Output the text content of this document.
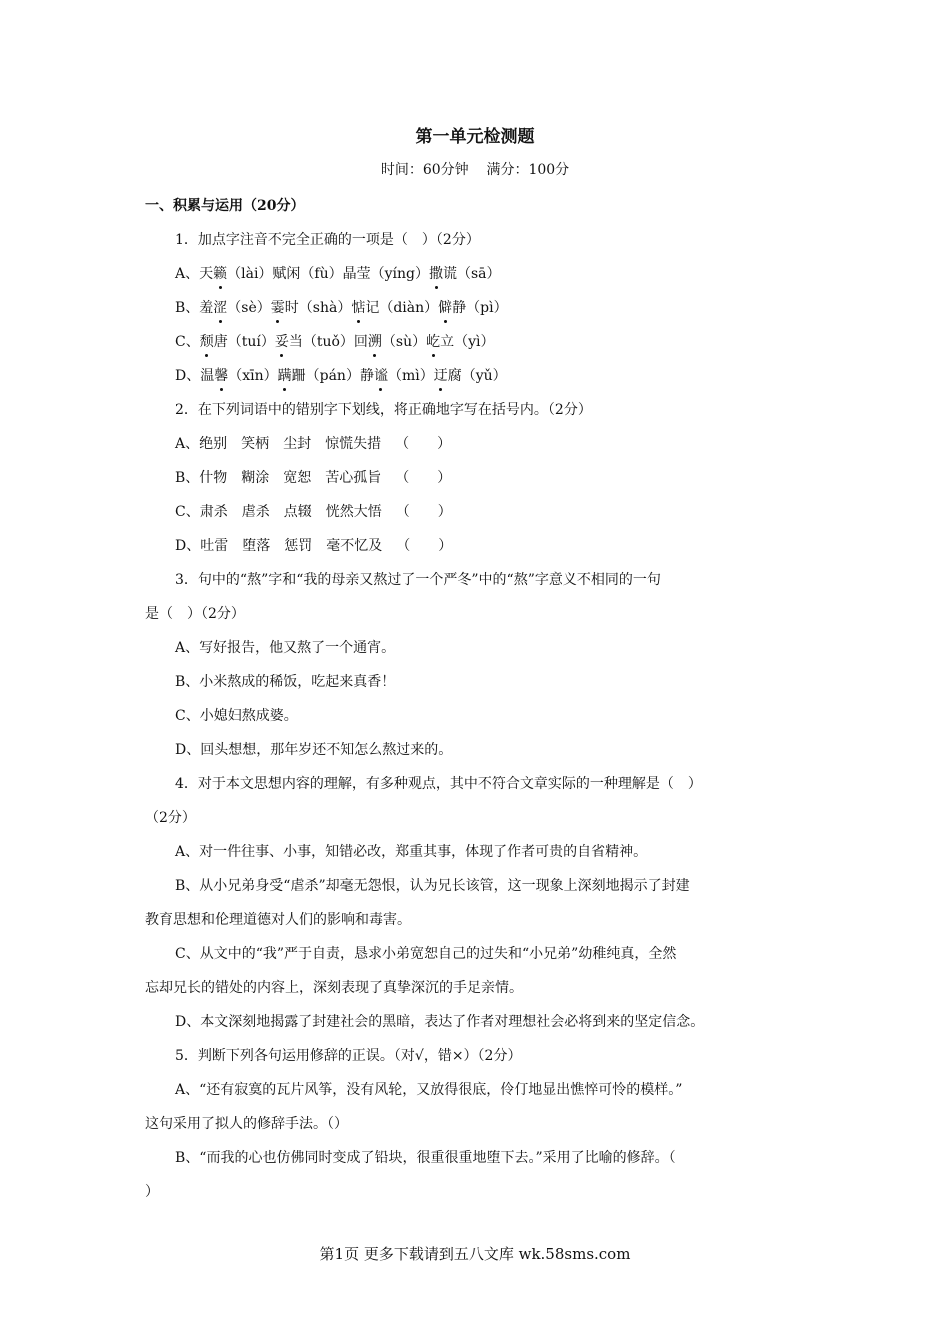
第一单元检测题
时间：60分钟    满分：100分
一、积累与运用（20分）
1．加点字注音不完全正确的一项是（　）（2分）
A、天籁（lài）赋闲（fù）晶莹（yíng）撒谎（sā）
B、羞涩（sè）霎时（shà）惦记（diàn）僻静（pì）
C、颓唐（tuí）妥当（tuǒ）回溯（sù）屹立（yì）
D、温馨（xīn）蹒跚（pán）静谧（mì）迂腐（yǔ）
2．在下列词语中的错别字下划线，将正确地字写在括号内。（2分）
A、绝别 笑柄 尘封 惊慌失措 （　　）
B、什物 糊涂 宽恕 苦心孤旨 （　　）
C、肃杀 虐杀 点辍 恍然大悟 （　　）
D、吐雷 堕落 惩罚 毫不忆及 （　　）
3．句中的“熬”字和“我的母亲又熬过了一个严冬”中的“熬”字意义不相同的一句
是（　）（2分）
A、写好报告，他又熬了一个通宵。
B、小米熬成的稀饭，吃起来真香！
C、小媳妇熬成婆。
D、回头想想，那年岁还不知怎么熬过来的。
4．对于本文思想内容的理解，有多种观点，其中不符合文章实际的一种理解是（　）
（2分）
A、对一件往事、小事，知错必改，郑重其事，体现了作者可贵的自省精神。
B、从小兄弟身受“虐杀”却毫无怨恨，认为兄长该管，这一现象上深刻地揭示了封建
教育思想和伦理道德对人们的影响和毒害。
C、从文中的“我”严于自责，恳求小弟宽恕自己的过失和“小兄弟”幼稚纯真，全然
忘却兄长的错处的内容上，深刻表现了真挚深沉的手足亲情。
D、本文深刻地揭露了封建社会的黑暗，表达了作者对理想社会必将到来的坚定信念。
5．判断下列各句运用修辞的正误。（对√，错×）（2分）
A、“还有寂寞的瓦片风筝，没有风轮，又放得很底，伶仃地显出憔悴可怜的模样。”
这句采用了拟人的修辞手法。（）
B、“而我的心也仿佛同时变成了铅块，很重很重地堕下去。”采用了比喻的修辞。（
）
第1页 更多下载请到五八文库 wk.58sms.com
